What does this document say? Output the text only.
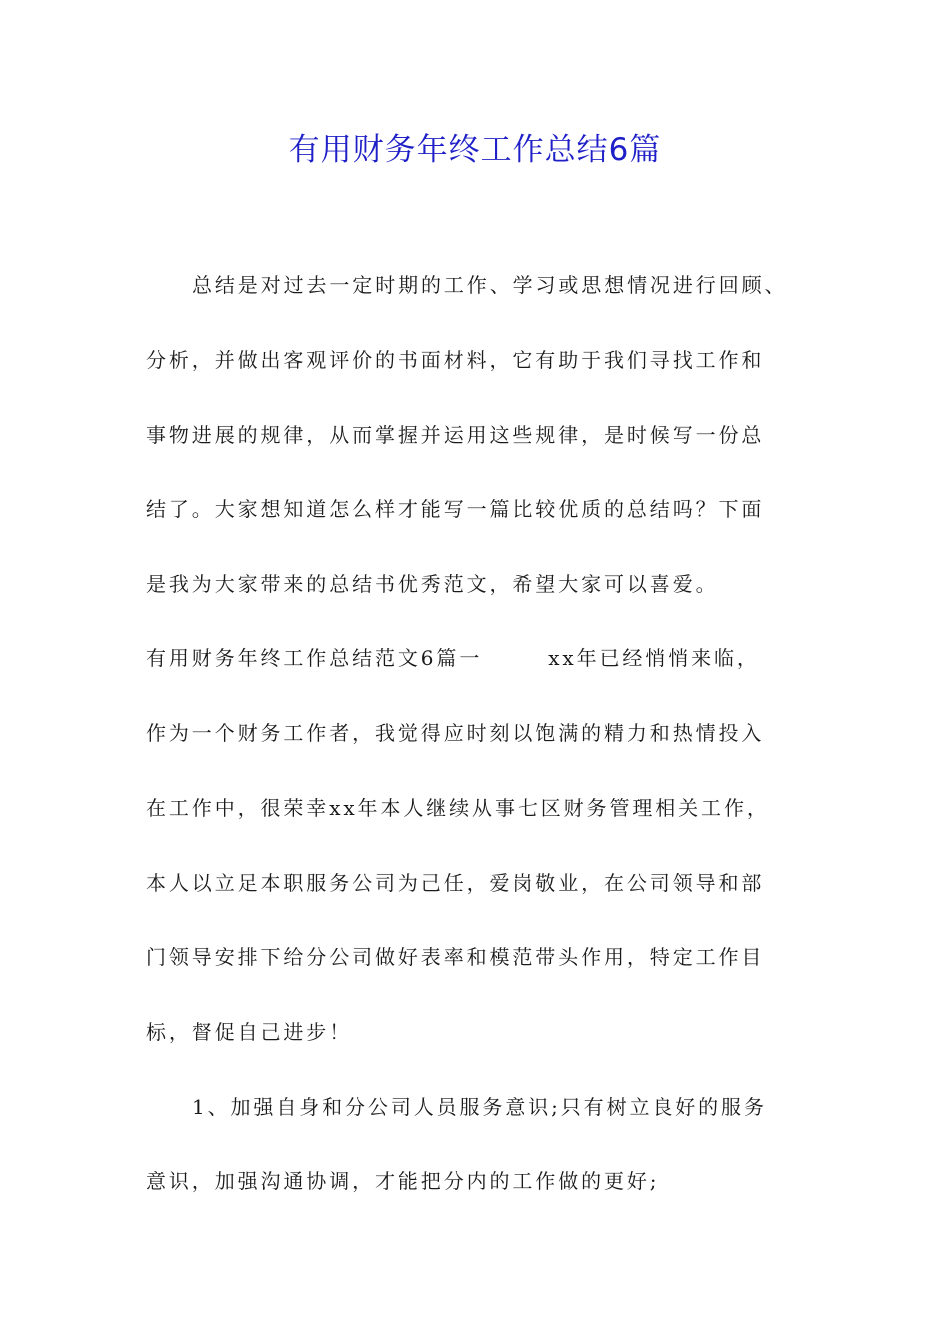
有用财务年终工作总结6篇

总结是对过去一定时期的工作、学习或思想情况进行回顾、

分析，并做出客观评价的书面材料，它有助于我们寻找工作和

事物进展的规律，从而掌握并运用这些规律，是时候写一份总

结了。大家想知道怎么样才能写一篇比较优质的总结吗？下面

是我为大家带来的总结书优秀范文，希望大家可以喜爱。

有用财务年终工作总结范文6篇一	xx年已经悄悄来临，

作为一个财务工作者，我觉得应时刻以饱满的精力和热情投入

在工作中，很荣幸xx年本人继续从事七区财务管理相关工作，

本人以立足本职服务公司为己任，爱岗敬业，在公司领导和部

门领导安排下给分公司做好表率和模范带头作用，特定工作目

标，督促自己进步！

1、加强自身和分公司人员服务意识;只有树立良好的服务

意识，加强沟通协调，才能把分内的工作做的更好;
